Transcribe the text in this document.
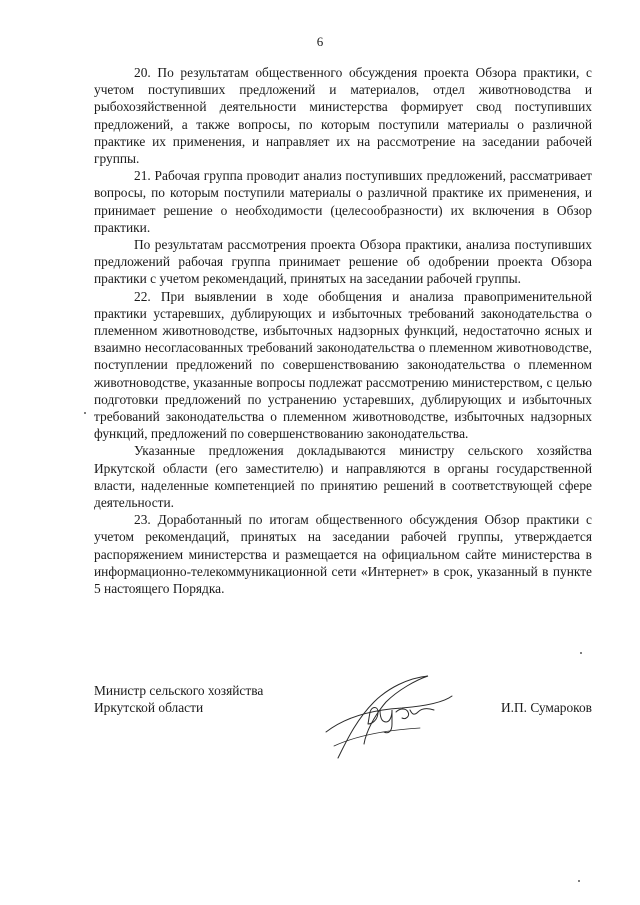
6

20. По результатам общественного обсуждения проекта Обзора практики, с учетом поступивших предложений и материалов, отдел животноводства и рыбохозяйственной деятельности министерства формирует свод поступивших предложений, а также вопросы, по которым поступили материалы о различной практике их применения, и направляет их на рассмотрение на заседании рабочей группы.

21. Рабочая группа проводит анализ поступивших предложений, рассматривает вопросы, по которым поступили материалы о различной практике их применения, и принимает решение о необходимости (целесообразности) их включения в Обзор практики.

По результатам рассмотрения проекта Обзора практики, анализа поступивших предложений рабочая группа принимает решение об одобрении проекта Обзора практики с учетом рекомендаций, принятых на заседании рабочей группы.

22. При выявлении в ходе обобщения и анализа правоприменительной практики устаревших, дублирующих и избыточных требований законодательства о племенном животноводстве, избыточных надзорных функций, недостаточно ясных и взаимно несогласованных требований законодательства о племенном животноводстве, поступлении предложений по совершенствованию законодательства о племенном животноводстве, указанные вопросы подлежат рассмотрению министерством, с целью подготовки предложений по устранению устаревших, дублирующих и избыточных требований законодательства о племенном животноводстве, избыточных надзорных функций, предложений по совершенствованию законодательства.

Указанные предложения докладываются министру сельского хозяйства Иркутской области (его заместителю) и направляются в органы государственной власти, наделенные компетенцией по принятию решений в соответствующей сфере деятельности.

23. Доработанный по итогам общественного обсуждения Обзор практики с учетом рекомендаций, принятых на заседании рабочей группы, утверждается распоряжением министерства и размещается на официальном сайте министерства в информационно-телекоммуникационной сети «Интернет» в срок, указанный в пункте 5 настоящего Порядка.

Министр сельского хозяйства
Иркутской области	И.П. Сумароков
